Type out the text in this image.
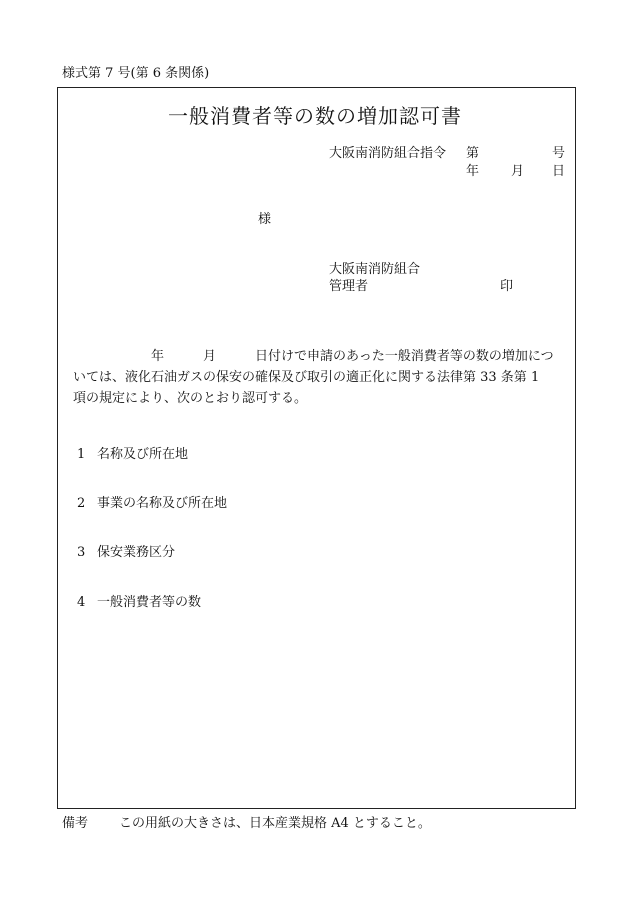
様式第 7 号(第 6 条関係)
一般消費者等の数の増加認可書
大阪南消防組合指令 第	号
年 月 日
様
大阪南消防組合
管理者	印
　　　　　　年　　　月　　　日付けで申請のあった一般消費者等の数の増加につ
いては、液化石油ガスの保安の確保及び取引の適正化に関する法律第 33 条第 1
項の規定により、次のとおり認可する。
1 名称及び所在地
2 事業の名称及び所在地
3 保安業務区分
4 一般消費者等の数
備考 この用紙の大きさは、日本産業規格 A4 とすること。
